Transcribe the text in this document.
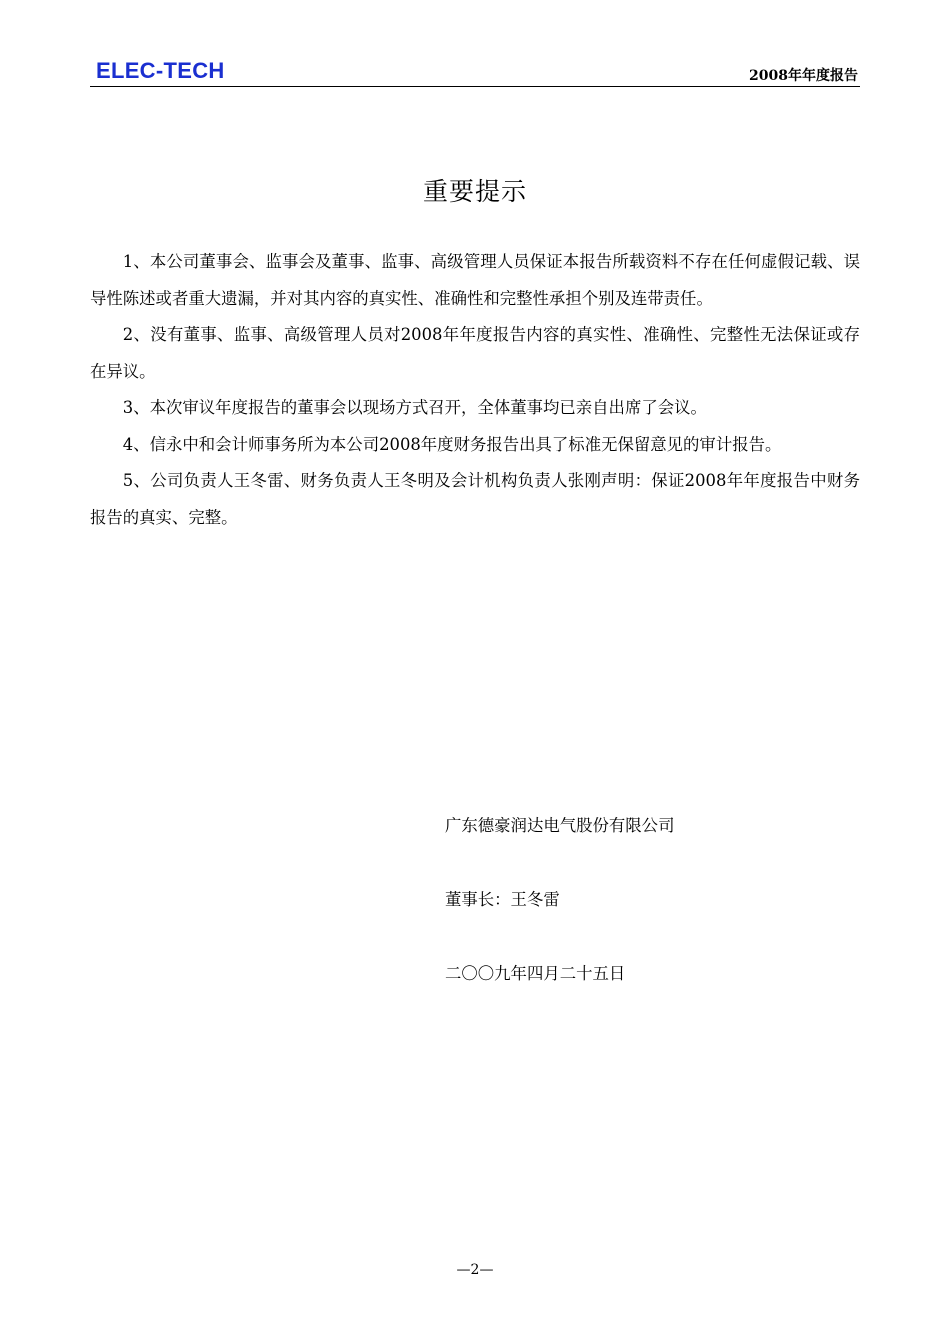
ELEC-TECH	2008年年度报告
重要提示

1、本公司董事会、监事会及董事、监事、高级管理人员保证本报告所载资料不存在任何虚假记载、误导性陈述或者重大遗漏，并对其内容的真实性、准确性和完整性承担个别及连带责任。

2、没有董事、监事、高级管理人员对2008年年度报告内容的真实性、准确性、完整性无法保证或存在异议。

3、本次审议年度报告的董事会以现场方式召开，全体董事均已亲自出席了会议。

4、信永中和会计师事务所为本公司2008年度财务报告出具了标准无保留意见的审计报告。

5、公司负责人王冬雷、财务负责人王冬明及会计机构负责人张刚声明：保证2008年年度报告中财务报告的真实、完整。

广东德豪润达电气股份有限公司
董事长：王冬雷
二〇〇九年四月二十五日
—2—
